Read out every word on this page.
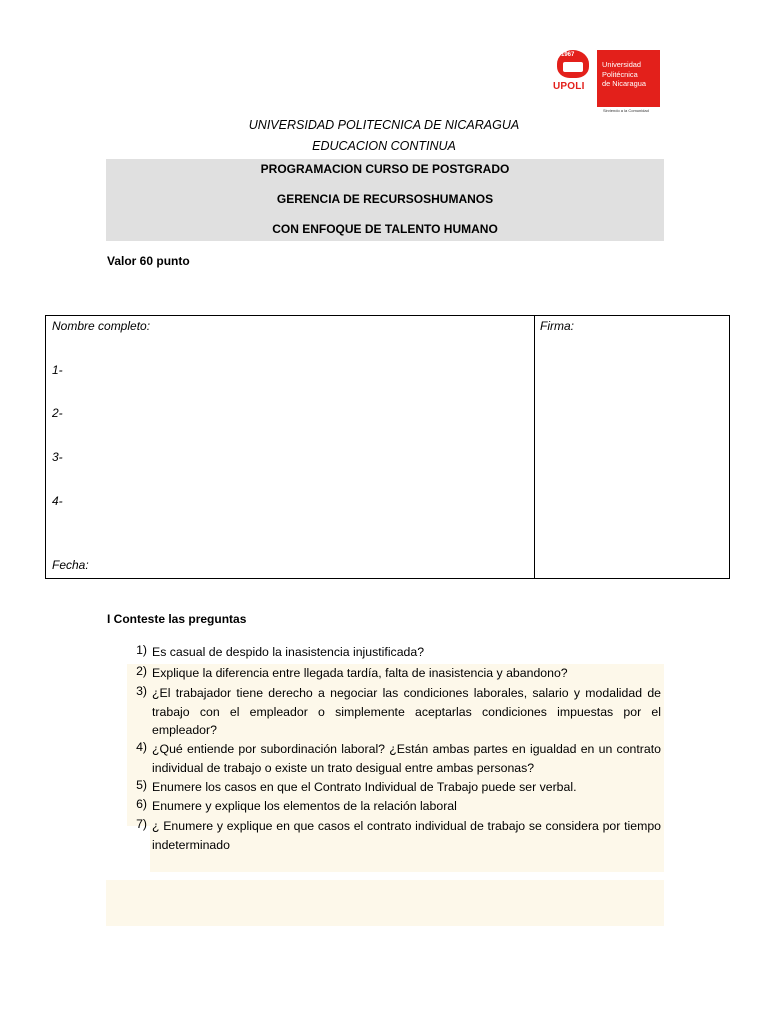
1967
UPOLI
Universidad
Politécnica
de Nicaragua
Sirviendo a la Comunidad
UNIVERSIDAD POLITECNICA DE NICARAGUA
EDUCACION CONTINUA
PROGRAMACION CURSO DE POSTGRADO
GERENCIA DE RECURSOSHUMANOS
CON ENFOQUE DE TALENTO HUMANO
Valor 60 punto
Nombre completo:	Firma:
1-
2-
3-
4-
Fecha:
I Conteste las preguntas
1) Es casual de despido la inasistencia injustificada?
2) Explique la diferencia entre llegada tardía, falta de inasistencia y abandono?
3) ¿El trabajador tiene derecho a negociar las condiciones laborales, salario y modalidad de trabajo con el empleador o simplemente aceptarlas condiciones impuestas por el empleador?
4) ¿Qué entiende por subordinación laboral? ¿Están ambas partes en igualdad en un contrato individual de trabajo o existe un trato desigual entre ambas personas?
5) Enumere los casos en que el Contrato Individual de Trabajo puede ser verbal.
6) Enumere y explique los elementos de la relación laboral
7) ¿ Enumere y explique en que casos el contrato individual de trabajo se considera por tiempo indeterminado
